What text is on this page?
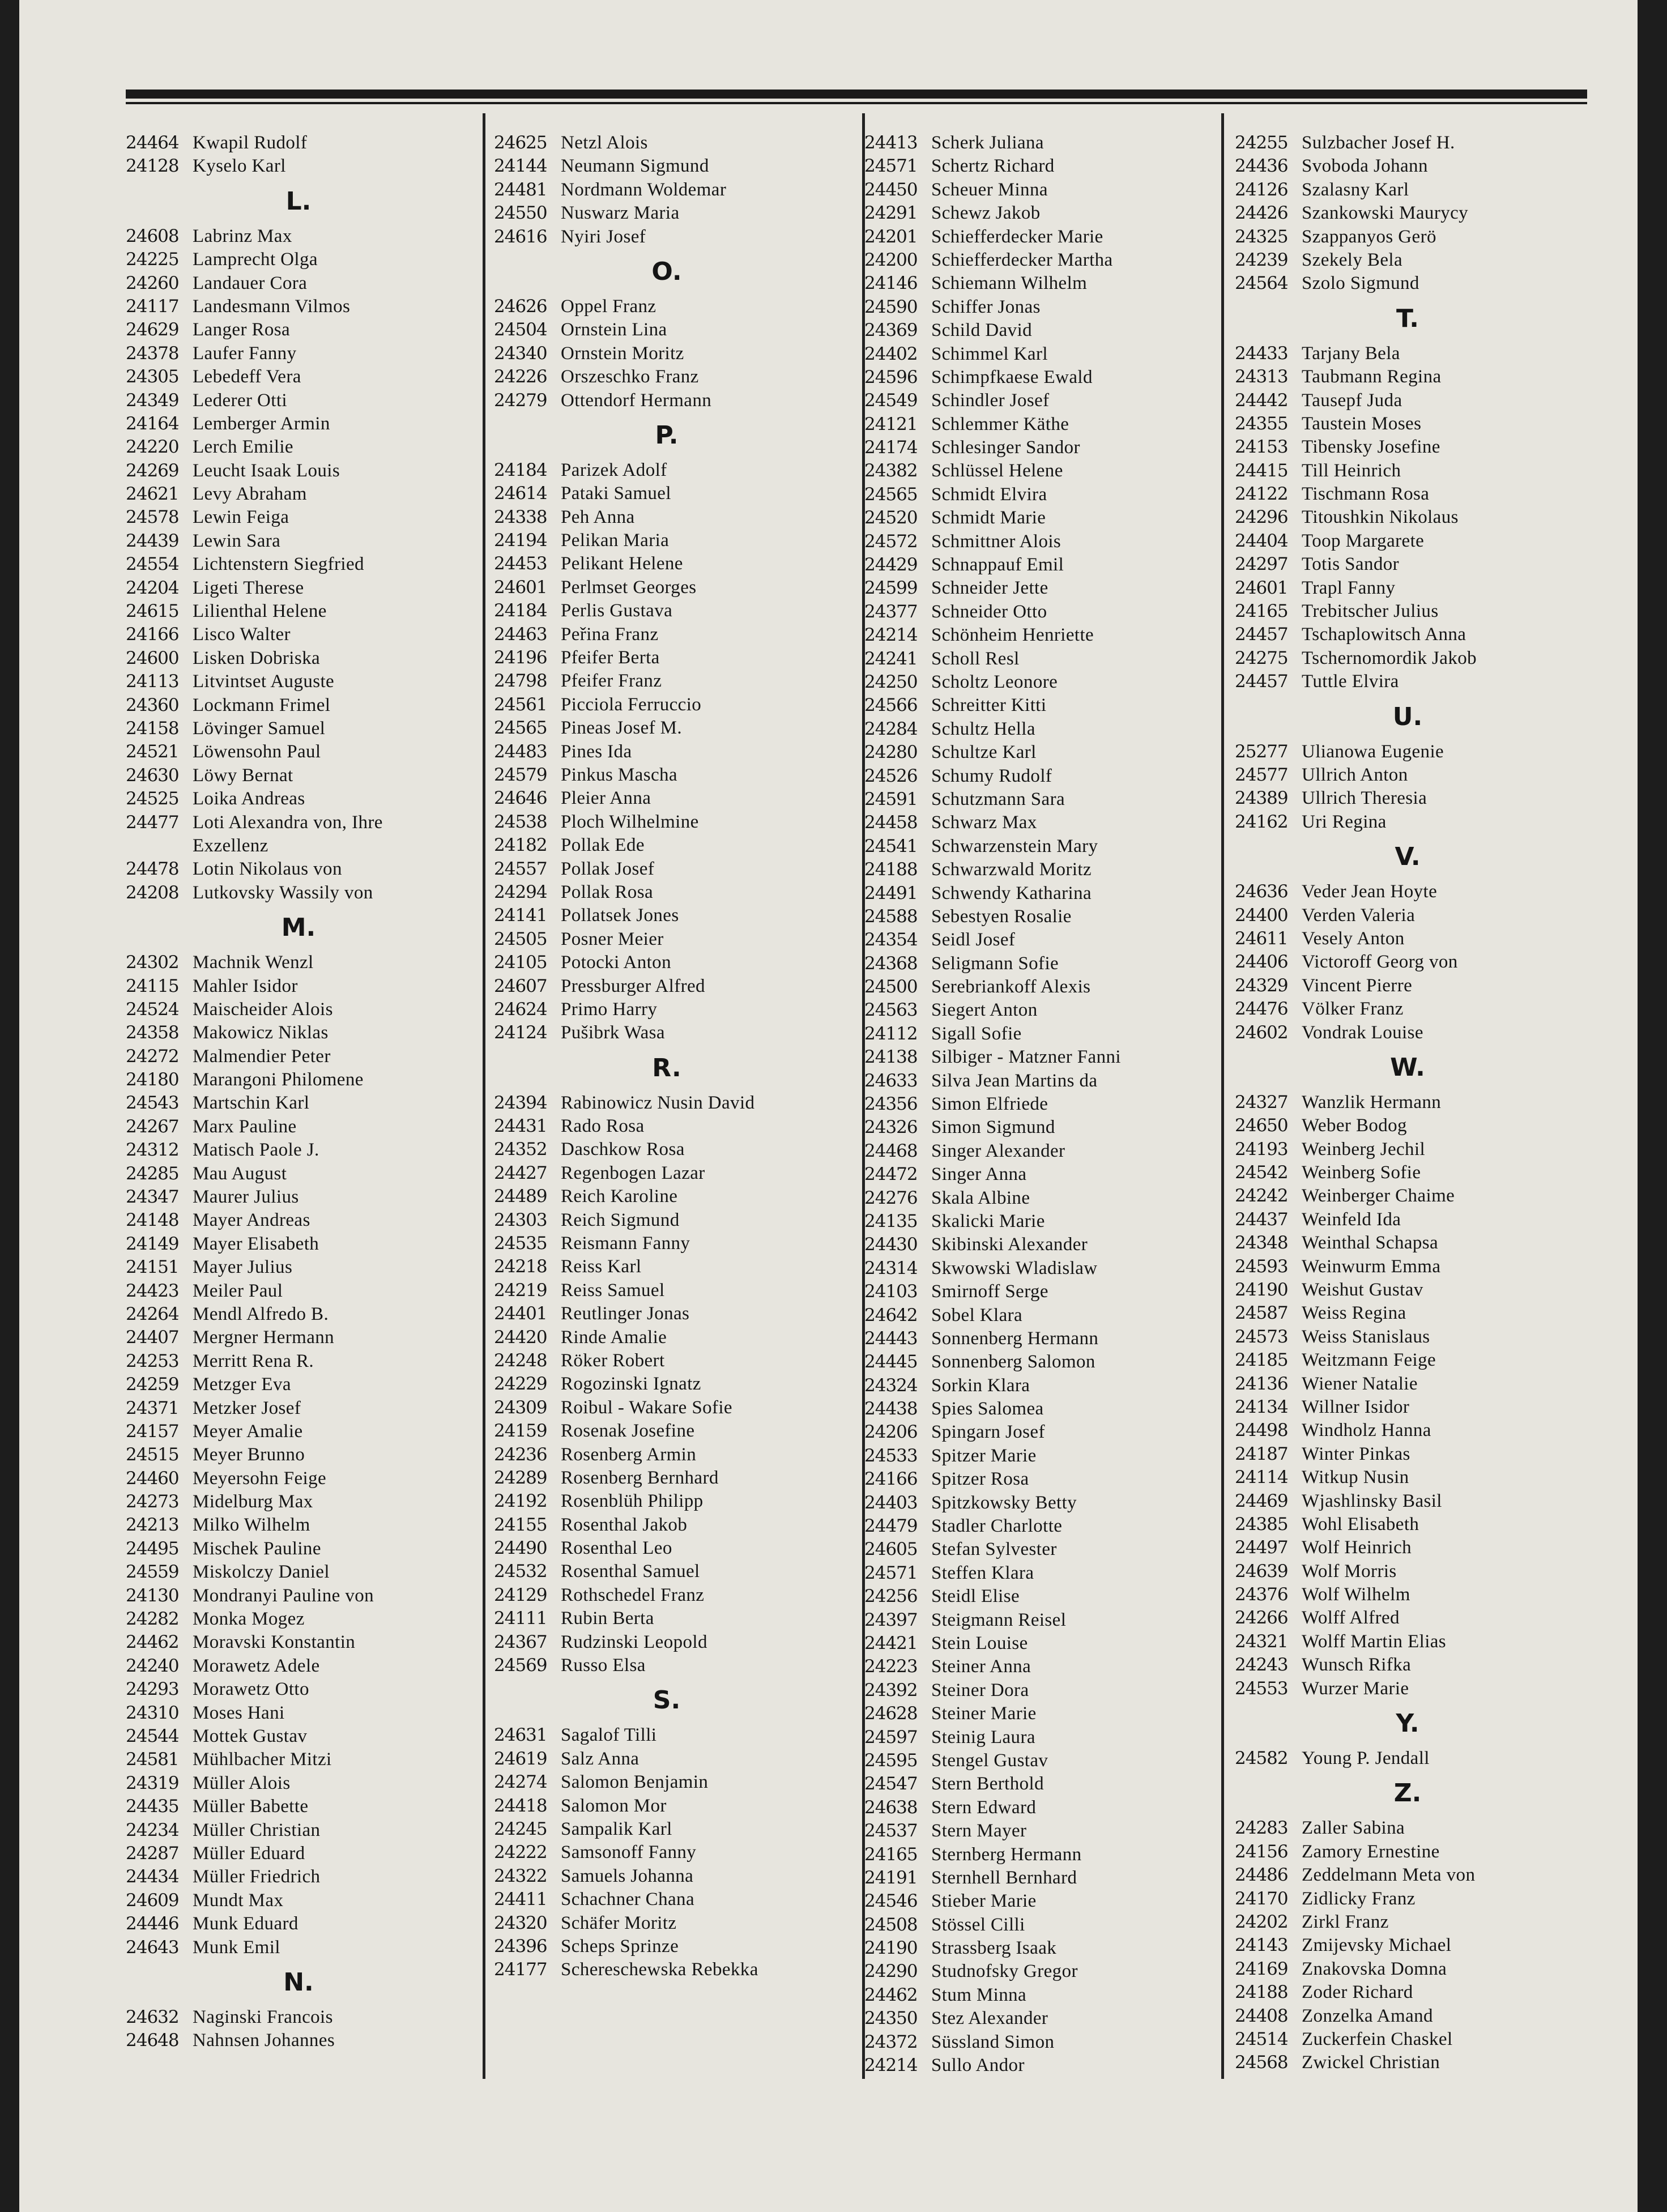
24464 Kwapil Rudolf
24128 Kyselo Karl
L.
24608 Labrinz Max
24225 Lamprecht Olga
24260 Landauer Cora
24117 Landesmann Vilmos
24629 Langer Rosa
24378 Laufer Fanny
24305 Lebedeff Vera
24349 Lederer Otti
24164 Lemberger Armin
24220 Lerch Emilie
24269 Leucht Isaak Louis
24621 Levy Abraham
24578 Lewin Feiga
24439 Lewin Sara
24554 Lichtenstern Siegfried
24204 Ligeti Therese
24615 Lilienthal Helene
24166 Lisco Walter
24600 Lisken Dobriska
24113 Litvintset Auguste
24360 Lockmann Frimel
24158 Lövinger Samuel
24521 Löwensohn Paul
24630 Löwy Bernat
24525 Loika Andreas
24477 Loti Alexandra von, Ihre
Exzellenz
24478 Lotin Nikolaus von
24208 Lutkovsky Wassily von
M.
24302 Machnik Wenzl
24115 Mahler Isidor
24524 Maischeider Alois
24358 Makowicz Niklas
24272 Malmendier Peter
24180 Marangoni Philomene
24543 Martschin Karl
24267 Marx Pauline
24312 Matisch Paole J.
24285 Mau August
24347 Maurer Julius
24148 Mayer Andreas
24149 Mayer Elisabeth
24151 Mayer Julius
24423 Meiler Paul
24264 Mendl Alfredo B.
24407 Mergner Hermann
24253 Merritt Rena R.
24259 Metzger Eva
24371 Metzker Josef
24157 Meyer Amalie
24515 Meyer Brunno
24460 Meyersohn Feige
24273 Midelburg Max
24213 Milko Wilhelm
24495 Mischek Pauline
24559 Miskolczy Daniel
24130 Mondranyi Pauline von
24282 Monka Mogez
24462 Moravski Konstantin
24240 Morawetz Adele
24293 Morawetz Otto
24310 Moses Hani
24544 Mottek Gustav
24581 Mühlbacher Mitzi
24319 Müller Alois
24435 Müller Babette
24234 Müller Christian
24287 Müller Eduard
24434 Müller Friedrich
24609 Mundt Max
24446 Munk Eduard
24643 Munk Emil
N.
24632 Naginski Francois
24648 Nahnsen Johannes
24625 Netzl Alois
24144 Neumann Sigmund
24481 Nordmann Woldemar
24550 Nuswarz Maria
24616 Nyiri Josef
O.
24626 Oppel Franz
24504 Ornstein Lina
24340 Ornstein Moritz
24226 Orszeschko Franz
24279 Ottendorf Hermann
P.
24184 Parizek Adolf
24614 Pataki Samuel
24338 Peh Anna
24194 Pelikan Maria
24453 Pelikant Helene
24601 Perlmset Georges
24184 Perlis Gustava
24463 Peřina Franz
24196 Pfeifer Berta
24798 Pfeifer Franz
24561 Picciola Ferruccio
24565 Pineas Josef M.
24483 Pines Ida
24579 Pinkus Mascha
24646 Pleier Anna
24538 Ploch Wilhelmine
24182 Pollak Ede
24557 Pollak Josef
24294 Pollak Rosa
24141 Pollatsek Jones
24505 Posner Meier
24105 Potocki Anton
24607 Pressburger Alfred
24624 Primo Harry
24124 Pušibrk Wasa
R.
24394 Rabinowicz Nusin David
24431 Rado Rosa
24352 Daschkow Rosa
24427 Regenbogen Lazar
24489 Reich Karoline
24303 Reich Sigmund
24535 Reismann Fanny
24218 Reiss Karl
24219 Reiss Samuel
24401 Reutlinger Jonas
24420 Rinde Amalie
24248 Röker Robert
24229 Rogozinski Ignatz
24309 Roibul - Wakare Sofie
24159 Rosenak Josefine
24236 Rosenberg Armin
24289 Rosenberg Bernhard
24192 Rosenblüh Philipp
24155 Rosenthal Jakob
24490 Rosenthal Leo
24532 Rosenthal Samuel
24129 Rothschedel Franz
24111 Rubin Berta
24367 Rudzinski Leopold
24569 Russo Elsa
S.
24631 Sagalof Tilli
24619 Salz Anna
24274 Salomon Benjamin
24418 Salomon Mor
24245 Sampalik Karl
24222 Samsonoff Fanny
24322 Samuels Johanna
24411 Schachner Chana
24320 Schäfer Moritz
24396 Scheps Sprinze
24177 Schereschewska Rebekka
24413 Scherk Juliana
24571 Schertz Richard
24450 Scheuer Minna
24291 Schewz Jakob
24201 Schiefferdecker Marie
24200 Schiefferdecker Martha
24146 Schiemann Wilhelm
24590 Schiffer Jonas
24369 Schild David
24402 Schimmel Karl
24596 Schimpfkaese Ewald
24549 Schindler Josef
24121 Schlemmer Käthe
24174 Schlesinger Sandor
24382 Schlüssel Helene
24565 Schmidt Elvira
24520 Schmidt Marie
24572 Schmittner Alois
24429 Schnappauf Emil
24599 Schneider Jette
24377 Schneider Otto
24214 Schönheim Henriette
24241 Scholl Resl
24250 Scholtz Leonore
24566 Schreitter Kitti
24284 Schultz Hella
24280 Schultze Karl
24526 Schumy Rudolf
24591 Schutzmann Sara
24458 Schwarz Max
24541 Schwarzenstein Mary
24188 Schwarzwald Moritz
24491 Schwendy Katharina
24588 Sebestyen Rosalie
24354 Seidl Josef
24368 Seligmann Sofie
24500 Serebriankoff Alexis
24563 Siegert Anton
24112 Sigall Sofie
24138 Silbiger - Matzner Fanni
24633 Silva Jean Martins da
24356 Simon Elfriede
24326 Simon Sigmund
24468 Singer Alexander
24472 Singer Anna
24276 Skala Albine
24135 Skalicki Marie
24430 Skibinski Alexander
24314 Skwowski Wladislaw
24103 Smirnoff Serge
24642 Sobel Klara
24443 Sonnenberg Hermann
24445 Sonnenberg Salomon
24324 Sorkin Klara
24438 Spies Salomea
24206 Spingarn Josef
24533 Spitzer Marie
24166 Spitzer Rosa
24403 Spitzkowsky Betty
24479 Stadler Charlotte
24605 Stefan Sylvester
24571 Steffen Klara
24256 Steidl Elise
24397 Steigmann Reisel
24421 Stein Louise
24223 Steiner Anna
24392 Steiner Dora
24628 Steiner Marie
24597 Steinig Laura
24595 Stengel Gustav
24547 Stern Berthold
24638 Stern Edward
24537 Stern Mayer
24165 Sternberg Hermann
24191 Sternhell Bernhard
24546 Stieber Marie
24508 Stössel Cilli
24190 Strassberg Isaak
24290 Studnofsky Gregor
24462 Stum Minna
24350 Stez Alexander
24372 Süssland Simon
24214 Sullo Andor
24255 Sulzbacher Josef H.
24436 Svoboda Johann
24126 Szalasny Karl
24426 Szankowski Maurycy
24325 Szappanyos Gerö
24239 Szekely Bela
24564 Szolo Sigmund
T.
24433 Tarjany Bela
24313 Taubmann Regina
24442 Tausepf Juda
24355 Taustein Moses
24153 Tibensky Josefine
24415 Till Heinrich
24122 Tischmann Rosa
24296 Titoushkin Nikolaus
24404 Toop Margarete
24297 Totis Sandor
24601 Trapl Fanny
24165 Trebitscher Julius
24457 Tschaplowitsch Anna
24275 Tschernomordik Jakob
24457 Tuttle Elvira
U.
25277 Ulianowa Eugenie
24577 Ullrich Anton
24389 Ullrich Theresia
24162 Uri Regina
V.
24636 Veder Jean Hoyte
24400 Verden Valeria
24611 Vesely Anton
24406 Victoroff Georg von
24329 Vincent Pierre
24476 Völker Franz
24602 Vondrak Louise
W.
24327 Wanzlik Hermann
24650 Weber Bodog
24193 Weinberg Jechil
24542 Weinberg Sofie
24242 Weinberger Chaime
24437 Weinfeld Ida
24348 Weinthal Schapsa
24593 Weinwurm Emma
24190 Weishut Gustav
24587 Weiss Regina
24573 Weiss Stanislaus
24185 Weitzmann Feige
24136 Wiener Natalie
24134 Willner Isidor
24498 Windholz Hanna
24187 Winter Pinkas
24114 Witkup Nusin
24469 Wjashlinsky Basil
24385 Wohl Elisabeth
24497 Wolf Heinrich
24639 Wolf Morris
24376 Wolf Wilhelm
24266 Wolff Alfred
24321 Wolff Martin Elias
24243 Wunsch Rifka
24553 Wurzer Marie
Y.
24582 Young P. Jendall
Z.
24283 Zaller Sabina
24156 Zamory Ernestine
24486 Zeddelmann Meta von
24170 Zidlicky Franz
24202 Zirkl Franz
24143 Zmijevsky Michael
24169 Znakovska Domna
24188 Zoder Richard
24408 Zonzelka Amand
24514 Zuckerfein Chaskel
24568 Zwickel Christian
